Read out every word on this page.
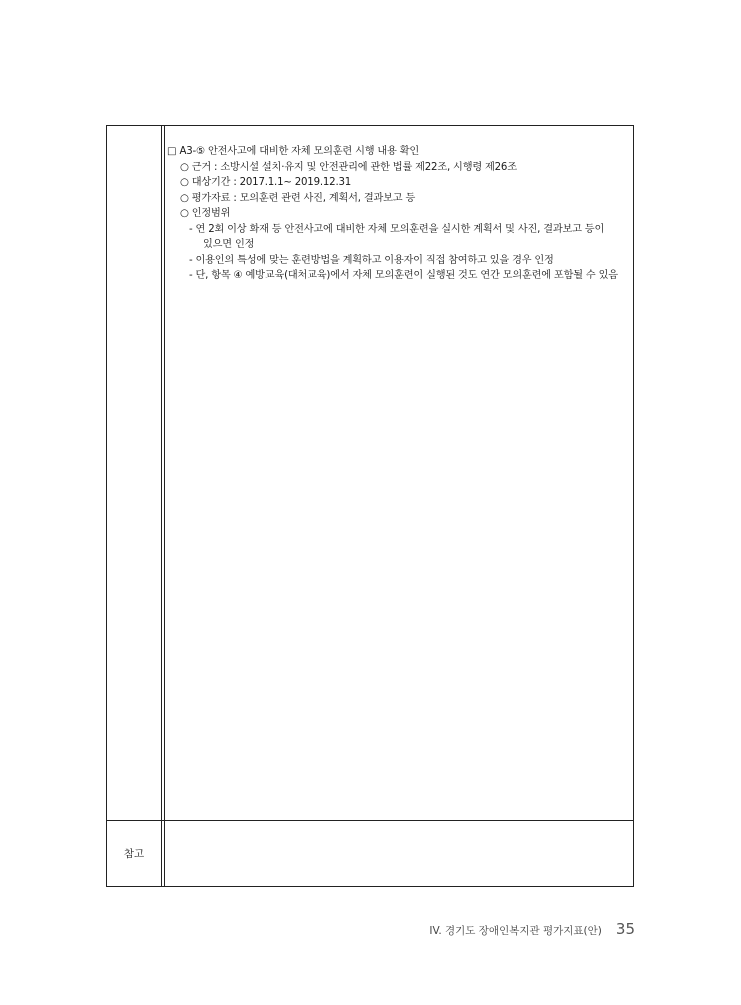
□ A3-⑤ 안전사고에 대비한 자체 모의훈련 시행 내용 확인
○ 근거 : 소방시설 설치·유지 및 안전관리에 관한 법률 제22조, 시행령 제26조
○ 대상기간 : 2017.1.1~ 2019.12.31
○ 평가자료 : 모의훈련 관련 사진, 계획서, 결과보고 등
○ 인정범위
- 연 2회 이상 화재 등 안전사고에 대비한 자체 모의훈련을 실시한 계획서 및 사진, 결과보고 등이
있으면 인정
- 이용인의 특성에 맞는 훈련방법을 계획하고 이용자이 직접 참여하고 있을 경우 인정
- 단, 항목 ④ 예방교육(대처교육)에서 자체 모의훈련이 실행된 것도 연간 모의훈련에 포함될 수 있음
참고
IV. 경기도 장애인복지관 평가지표(안) 35
